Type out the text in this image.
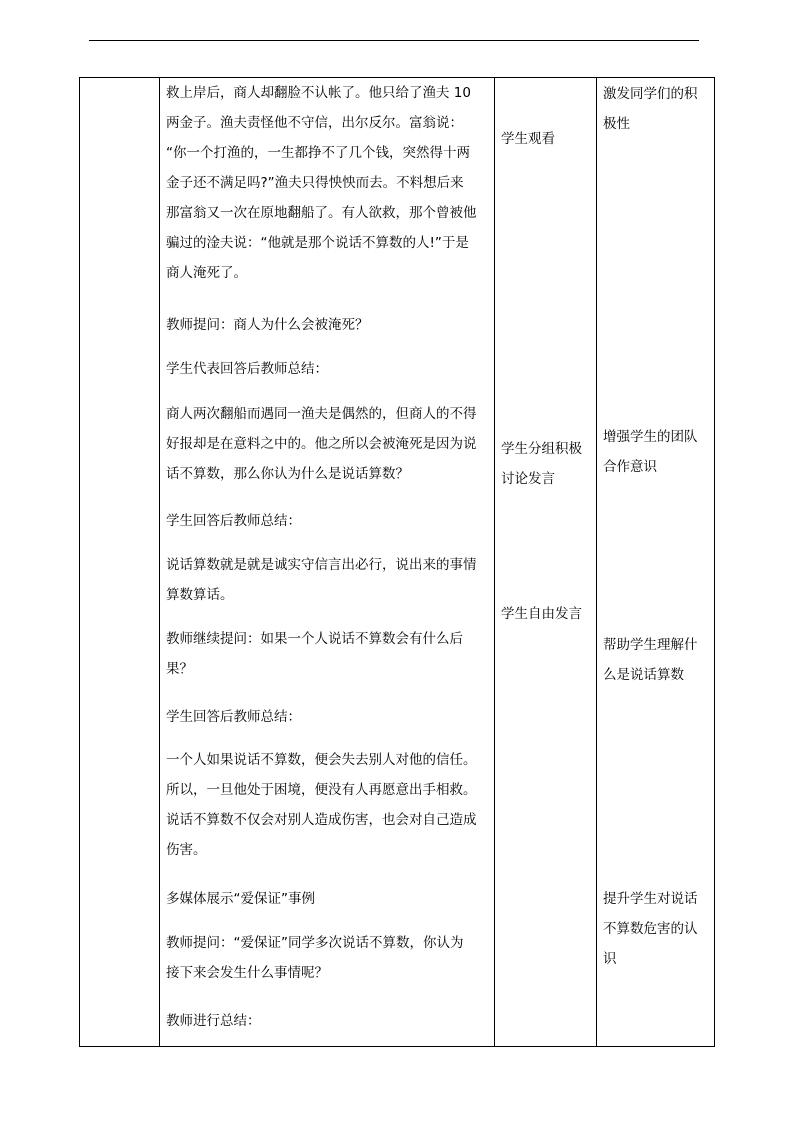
救上岸后，商人却翻脸不认帐了。他只给了渔夫 10

两金子。渔夫责怪他不守信，出尔反尔。富翁说：

“你一个打渔的，一生都挣不了几个钱，突然得十两

金子还不满足吗?”渔夫只得怏怏而去。不料想后来

那富翁又一次在原地翻船了。有人欲救，那个曾被他

骗过的淦夫说：“他就是那个说话不算数的人!”于是

商人淹死了。

教师提问：商人为什么会被淹死？

学生代表回答后教师总结：

商人两次翻船而遇同一渔夫是偶然的，但商人的不得

好报却是在意料之中的。他之所以会被淹死是因为说

话不算数，那么你认为什么是说话算数？

学生回答后教师总结：

说话算数就是就是诚实守信言出必行，说出来的事情

算数算话。

教师继续提问：如果一个人说话不算数会有什么后

果？

学生回答后教师总结：

一个人如果说话不算数，便会失去别人对他的信任。

所以，一旦他处于困境，便没有人再愿意出手相救。

说话不算数不仅会对别人造成伤害，也会对自己造成

伤害。

多媒体展示“爱保证”事例

教师提问：“爱保证”同学多次说话不算数，你认为

接下来会发生什么事情呢？

教师进行总结：

学生观看

学生分组积极

讨论发言

学生自由发言

激发同学们的积

极性

增强学生的团队

合作意识

帮助学生理解什

么是说话算数

提升学生对说话

不算数危害的认

识
